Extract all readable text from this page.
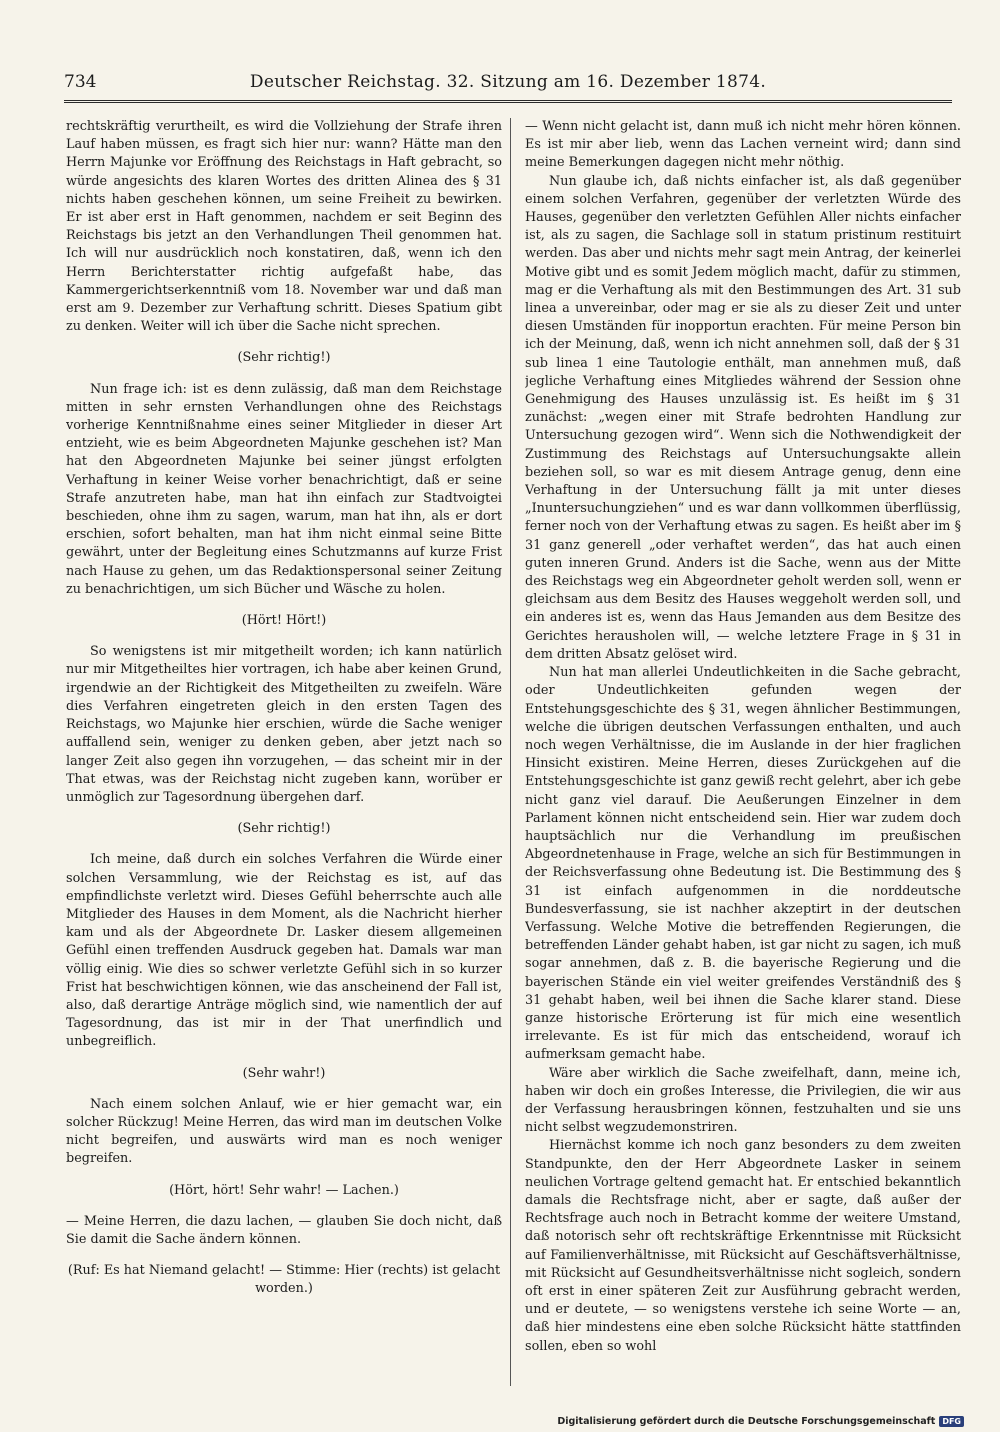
734	Deutscher Reichstag. 32. Sitzung am 16. Dezember 1874.

rechtskräftig verurtheilt, es wird die Vollziehung der Strafe ihren Lauf haben müssen, es fragt sich hier nur: wann? Hätte man den Herrn Majunke vor Eröffnung des Reichstags in Haft gebracht, so würde angesichts des klaren Wortes des dritten Alinea des § 31 nichts haben geschehen können, um seine Freiheit zu bewirken. Er ist aber erst in Haft genommen, nachdem er seit Beginn des Reichstags bis jetzt an den Verhandlungen Theil genommen hat. Ich will nur ausdrücklich noch konstatiren, daß, wenn ich den Herrn Berichterstatter richtig aufgefaßt habe, das Kammergerichtserkenntniß vom 18. November war und daß man erst am 9. Dezember zur Verhaftung schritt. Dieses Spatium gibt zu denken. Weiter will ich über die Sache nicht sprechen.

(Sehr richtig!)

Nun frage ich: ist es denn zulässig, daß man dem Reichstage mitten in sehr ernsten Verhandlungen ohne des Reichstags vorherige Kenntnißnahme eines seiner Mitglieder in dieser Art entzieht, wie es beim Abgeordneten Majunke geschehen ist? Man hat den Abgeordneten Majunke bei seiner jüngst erfolgten Verhaftung in keiner Weise vorher benachrichtigt, daß er seine Strafe anzutreten habe, man hat ihn einfach zur Stadtvoigtei beschieden, ohne ihm zu sagen, warum, man hat ihn, als er dort erschien, sofort behalten, man hat ihm nicht einmal seine Bitte gewährt, unter der Begleitung eines Schutzmanns auf kurze Frist nach Hause zu gehen, um das Redaktionspersonal seiner Zeitung zu benachrichtigen, um sich Bücher und Wäsche zu holen.

(Hört! Hört!)

So wenigstens ist mir mitgetheilt worden; ich kann natürlich nur mir Mitgetheiltes hier vortragen, ich habe aber keinen Grund, irgendwie an der Richtigkeit des Mitgetheilten zu zweifeln. Wäre dies Verfahren eingetreten gleich in den ersten Tagen des Reichstags, wo Majunke hier erschien, würde die Sache weniger auffallend sein, weniger zu denken geben, aber jetzt nach so langer Zeit also gegen ihn vorzugehen, — das scheint mir in der That etwas, was der Reichstag nicht zugeben kann, worüber er unmöglich zur Tagesordnung übergehen darf.

(Sehr richtig!)

Ich meine, daß durch ein solches Verfahren die Würde einer solchen Versammlung, wie der Reichstag es ist, auf das empfindlichste verletzt wird. Dieses Gefühl beherrschte auch alle Mitglieder des Hauses in dem Moment, als die Nachricht hierher kam und als der Abgeordnete Dr. Lasker diesem allgemeinen Gefühl einen treffenden Ausdruck gegeben hat. Damals war man völlig einig. Wie dies so schwer verletzte Gefühl sich in so kurzer Frist hat beschwichtigen können, wie das anscheinend der Fall ist, also, daß derartige Anträge möglich sind, wie namentlich der auf Tagesordnung, das ist mir in der That unerfindlich und unbegreiflich.

(Sehr wahr!)

Nach einem solchen Anlauf, wie er hier gemacht war, ein solcher Rückzug! Meine Herren, das wird man im deutschen Volke nicht begreifen, und auswärts wird man es noch weniger begreifen.

(Hört, hört! Sehr wahr! — Lachen.)

— Meine Herren, die dazu lachen, — glauben Sie doch nicht, daß Sie damit die Sache ändern können.

(Ruf: Es hat Niemand gelacht! — Stimme: Hier (rechts) ist gelacht worden.)

— Wenn nicht gelacht ist, dann muß ich nicht mehr hören können. Es ist mir aber lieb, wenn das Lachen verneint wird; dann sind meine Bemerkungen dagegen nicht mehr nöthig.

Nun glaube ich, daß nichts einfacher ist, als daß gegenüber einem solchen Verfahren, gegenüber der verletzten Würde des Hauses, gegenüber den verletzten Gefühlen Aller nichts einfacher ist, als zu sagen, die Sachlage soll in statum pristinum restituirt werden. Das aber und nichts mehr sagt mein Antrag, der keinerlei Motive gibt und es somit Jedem möglich macht, dafür zu stimmen, mag er die Verhaftung als mit den Bestimmungen des Art. 31 sub linea a unvereinbar, oder mag er sie als zu dieser Zeit und unter diesen Umständen für inopportun erachten. Für meine Person bin ich der Meinung, daß, wenn ich nicht annehmen soll, daß der § 31 sub linea 1 eine Tautologie enthält, man annehmen muß, daß jegliche Verhaftung eines Mitgliedes während der Session ohne Genehmigung des Hauses unzulässig ist. Es heißt im § 31 zunächst: „wegen einer mit Strafe bedrohten Handlung zur Untersuchung gezogen wird“. Wenn sich die Nothwendigkeit der Zustimmung des Reichstags auf Untersuchungsakte allein beziehen soll, so war es mit diesem Antrage genug, denn eine Verhaftung in der Untersuchung fällt ja mit unter dieses „Inuntersuchungziehen“ und es war dann vollkommen überflüssig, ferner noch von der Verhaftung etwas zu sagen. Es heißt aber im § 31 ganz generell „oder verhaftet werden“, das hat auch einen guten inneren Grund. Anders ist die Sache, wenn aus der Mitte des Reichstags weg ein Abgeordneter geholt werden soll, wenn er gleichsam aus dem Besitz des Hauses weggeholt werden soll, und ein anderes ist es, wenn das Haus Jemanden aus dem Besitze des Gerichtes herausholen will, — welche letztere Frage in § 31 in dem dritten Absatz gelöset wird.

Nun hat man allerlei Undeutlichkeiten in die Sache gebracht, oder Undeutlichkeiten gefunden wegen der Entstehungsgeschichte des § 31, wegen ähnlicher Bestimmungen, welche die übrigen deutschen Verfassungen enthalten, und auch noch wegen Verhältnisse, die im Auslande in der hier fraglichen Hinsicht existiren. Meine Herren, dieses Zurückgehen auf die Entstehungsgeschichte ist ganz gewiß recht gelehrt, aber ich gebe nicht ganz viel darauf. Die Aeußerungen Einzelner in dem Parlament können nicht entscheidend sein. Hier war zudem doch hauptsächlich nur die Verhandlung im preußischen Abgeordnetenhause in Frage, welche an sich für Bestimmungen in der Reichsverfassung ohne Bedeutung ist. Die Bestimmung des § 31 ist einfach aufgenommen in die norddeutsche Bundesverfassung, sie ist nachher akzeptirt in der deutschen Verfassung. Welche Motive die betreffenden Regierungen, die betreffenden Länder gehabt haben, ist gar nicht zu sagen, ich muß sogar annehmen, daß z. B. die bayerische Regierung und die bayerischen Stände ein viel weiter greifendes Verständniß des § 31 gehabt haben, weil bei ihnen die Sache klarer stand. Diese ganze historische Erörterung ist für mich eine wesentlich irrelevante. Es ist für mich das entscheidend, worauf ich aufmerksam gemacht habe.

Wäre aber wirklich die Sache zweifelhaft, dann, meine ich, haben wir doch ein großes Interesse, die Privilegien, die wir aus der Verfassung herausbringen können, festzuhalten und sie uns nicht selbst wegzudemonstriren.

Hiernächst komme ich noch ganz besonders zu dem zweiten Standpunkte, den der Herr Abgeordnete Lasker in seinem neulichen Vortrage geltend gemacht hat. Er entschied bekanntlich damals die Rechtsfrage nicht, aber er sagte, daß außer der Rechtsfrage auch noch in Betracht komme der weitere Umstand, daß notorisch sehr oft rechtskräftige Erkenntnisse mit Rücksicht auf Familienverhältnisse, mit Rücksicht auf Geschäftsverhältnisse, mit Rücksicht auf Gesundheitsverhältnisse nicht sogleich, sondern oft erst in einer späteren Zeit zur Ausführung gebracht werden, und er deutete, — so wenigstens verstehe ich seine Worte — an, daß hier mindestens eine eben solche Rücksicht hätte stattfinden sollen, eben so wohl

Digitalisierung gefördert durch die Deutsche Forschungsgemeinschaft DFG
